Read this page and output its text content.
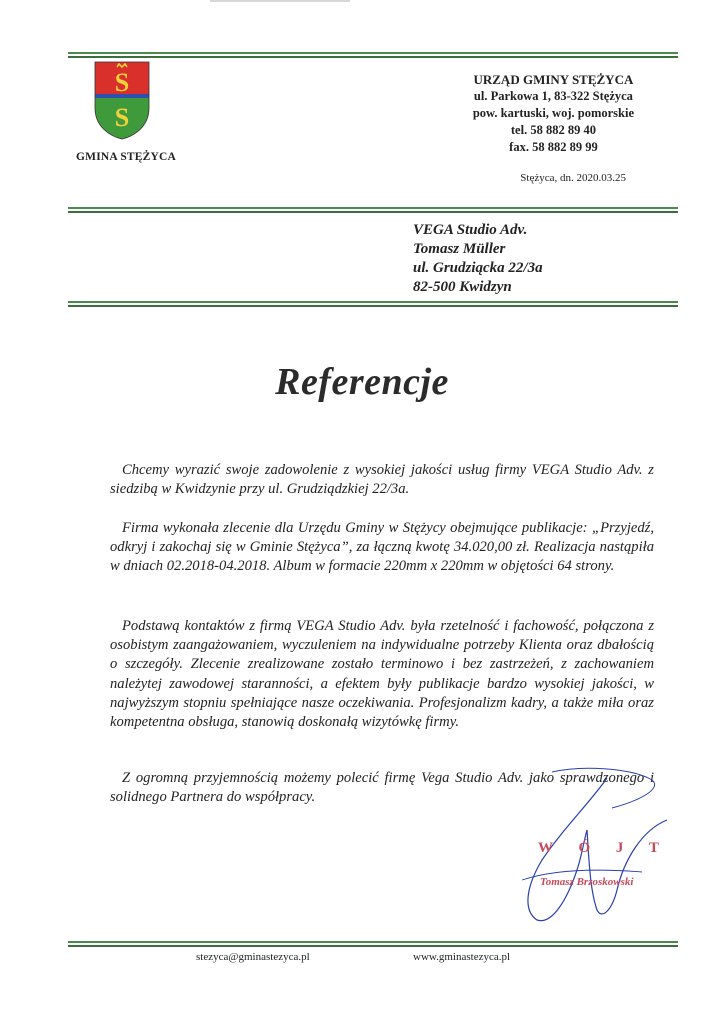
S
S
GMINA STĘŻYCA
URZĄD GMINY STĘŻYCA
ul. Parkowa 1, 83-322 Stężyca
pow. kartuski, woj. pomorskie
tel. 58 882 89 40
fax. 58 882 89 99
Stężyca, dn. 2020.03.25
VEGA Studio Adv.
Tomasz Müller
ul. Grudziącka 22/3a
82-500 Kwidzyn
Referencje
Chcemy wyrazić swoje zadowolenie z wysokiej jakości usług firmy VEGA Studio Adv. z siedzibą w Kwidzynie przy ul. Grudziądzkiej 22/3a.
Firma wykonała zlecenie dla Urzędu Gminy w Stężycy obejmujące publikacje: „Przyjedź, odkryj i zakochaj się w Gminie Stężyca”, za łączną kwotę 34.020,00 zł. Realizacja nastąpiła w dniach 02.2018-04.2018. Album w formacie 220mm x 220mm w objętości 64 strony.
Podstawą kontaktów z firmą VEGA Studio Adv. była rzetelność i fachowość, połączona z osobistym zaangażowaniem, wyczuleniem na indywidualne potrzeby Klienta oraz dbałością o szczegóły. Zlecenie zrealizowane zostało terminowo i bez zastrzeżeń, z zachowaniem należytej zawodowej staranności, a efektem były publikacje bardzo wysokiej jakości, w najwyższym stopniu spełniające nasze oczekiwania. Profesjonalizm kadry, a także miła oraz kompetentna obsługa, stanowią doskonałą wizytówkę firmy.
Z ogromną przyjemnością możemy polecić firmę Vega Studio Adv. jako sprawdzonego i solidnego Partnera do współpracy.
W Ó J T
Tomasz Brzoskowski
stezyca@gminastezyca.pl	www.gminastezyca.pl
